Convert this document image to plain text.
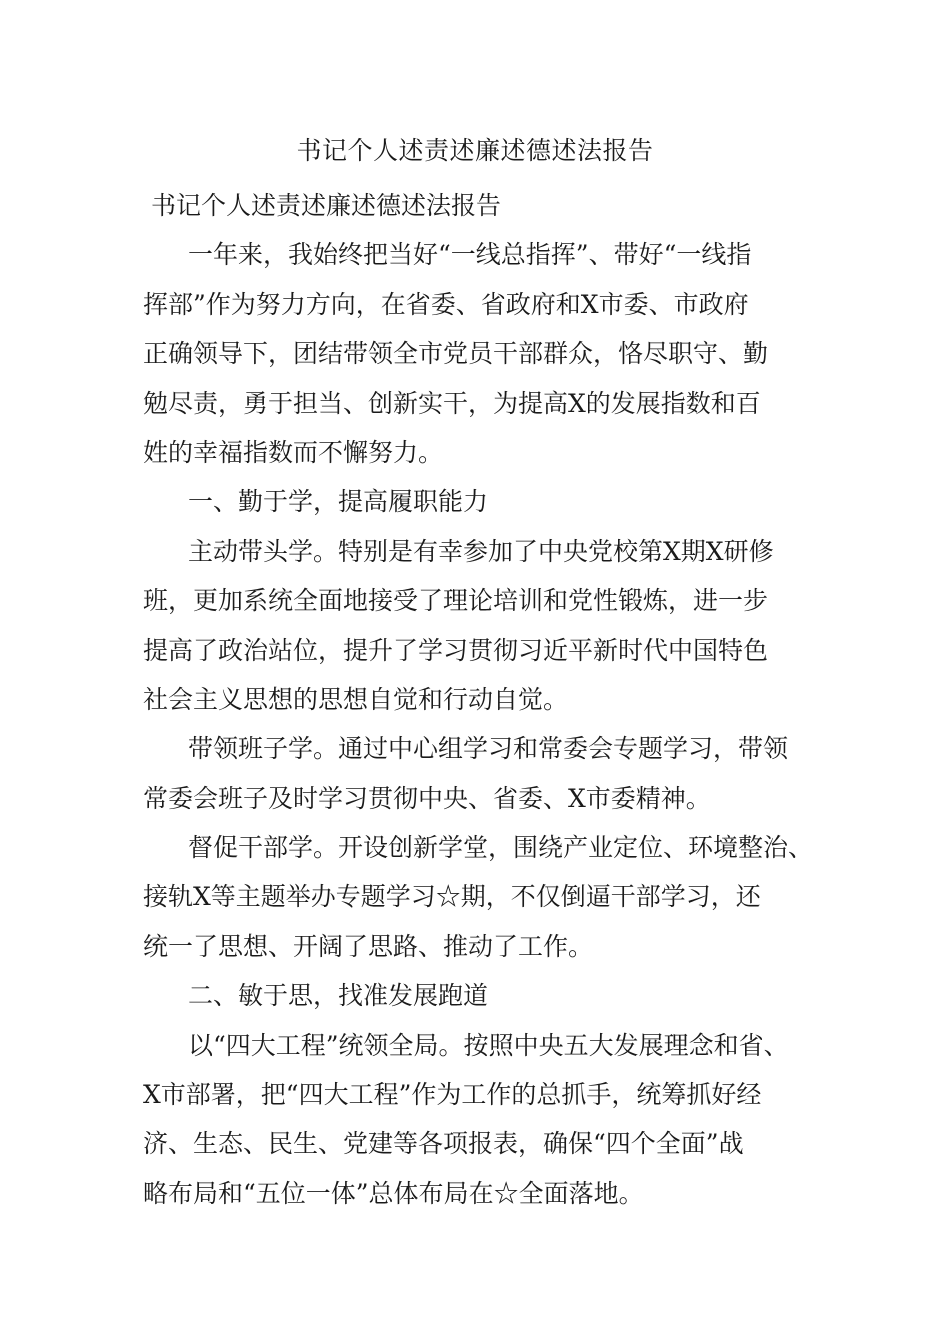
书记个人述责述廉述德述法报告
书记个人述责述廉述德述法报告
一年来，我始终把当好“一线总指挥”、带好“一线指
挥部”作为努力方向，在省委、省政府和X市委、市政府
正确领导下，团结带领全市党员干部群众，恪尽职守、勤
勉尽责，勇于担当、创新实干，为提高X的发展指数和百
姓的幸福指数而不懈努力。
一、勤于学，提高履职能力
主动带头学。特别是有幸参加了中央党校第X期X研修
班，更加系统全面地接受了理论培训和党性锻炼，进一步
提高了政治站位，提升了学习贯彻习近平新时代中国特色
社会主义思想的思想自觉和行动自觉。
带领班子学。通过中心组学习和常委会专题学习，带领
常委会班子及时学习贯彻中央、省委、X市委精神。
督促干部学。开设创新学堂，围绕产业定位、环境整治、
接轨X等主题举办专题学习☆期，不仅倒逼干部学习，还
统一了思想、开阔了思路、推动了工作。
二、敏于思，找准发展跑道
以“四大工程”统领全局。按照中央五大发展理念和省、
X市部署，把“四大工程”作为工作的总抓手，统筹抓好经
济、生态、民生、党建等各项报表，确保“四个全面”战
略布局和“五位一体”总体布局在☆全面落地。
